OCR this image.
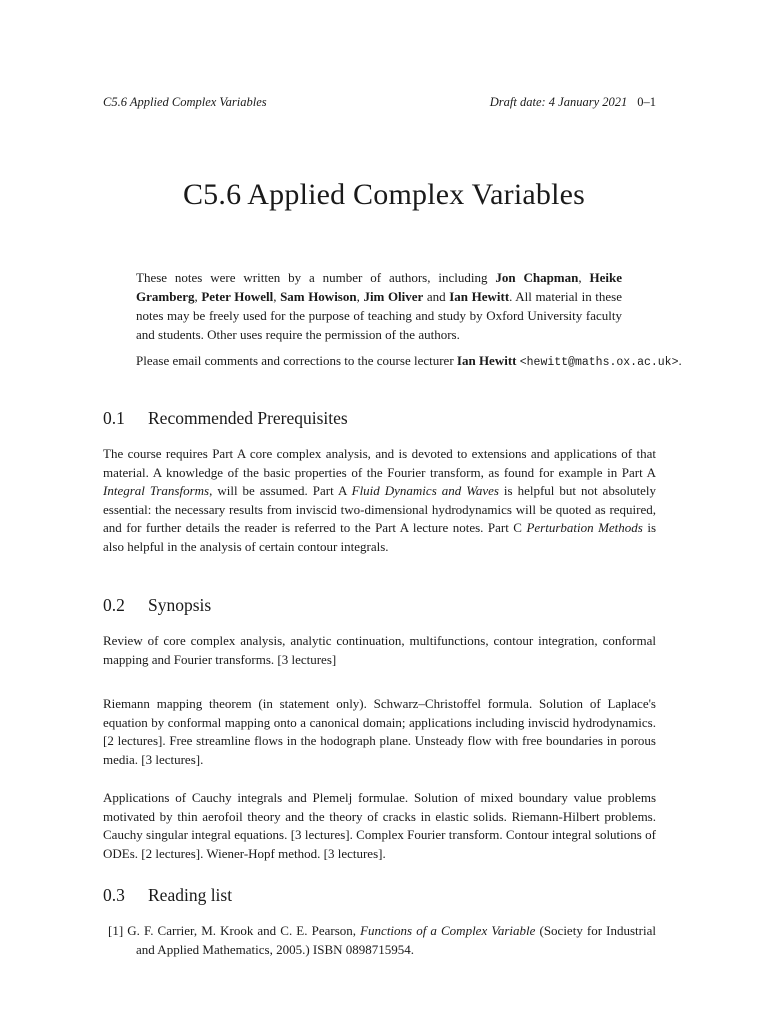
C5.6 Applied Complex Variables	Draft date: 4 January 2021 0–1
C5.6 Applied Complex Variables

These notes were written by a number of authors, including Jon Chapman, Heike Gramberg, Peter Howell, Sam Howison, Jim Oliver and Ian Hewitt. All material in these notes may be freely used for the purpose of teaching and study by Oxford University faculty and students. Other uses require the permission of the authors.

Please email comments and corrections to the course lecturer Ian Hewitt <hewitt@maths.ox.ac.uk>.

0.1 Recommended Prerequisites
The course requires Part A core complex analysis, and is devoted to extensions and applications of that material. A knowledge of the basic properties of the Fourier transform, as found for example in Part A Integral Transforms, will be assumed. Part A Fluid Dynamics and Waves is helpful but not absolutely essential: the necessary results from inviscid two-dimensional hydrodynamics will be quoted as required, and for further details the reader is referred to the Part A lecture notes. Part C Perturbation Methods is also helpful in the analysis of certain contour integrals.
0.2 Synopsis
Review of core complex analysis, analytic continuation, multifunctions, contour integration, conformal mapping and Fourier transforms. [3 lectures]
Riemann mapping theorem (in statement only). Schwarz–Christoffel formula. Solution of Laplace's equation by conformal mapping onto a canonical domain; applications including inviscid hydrodynamics. [2 lectures]. Free streamline flows in the hodograph plane. Unsteady flow with free boundaries in porous media. [3 lectures].
Applications of Cauchy integrals and Plemelj formulae. Solution of mixed boundary value problems motivated by thin aerofoil theory and the theory of cracks in elastic solids. Riemann-Hilbert problems. Cauchy singular integral equations. [3 lectures]. Complex Fourier transform. Contour integral solutions of ODEs. [2 lectures]. Wiener-Hopf method. [3 lectures].
0.3 Reading list
[1] G. F. Carrier, M. Krook and C. E. Pearson, Functions of a Complex Variable (Society for Industrial and Applied Mathematics, 2005.) ISBN 0898715954.
